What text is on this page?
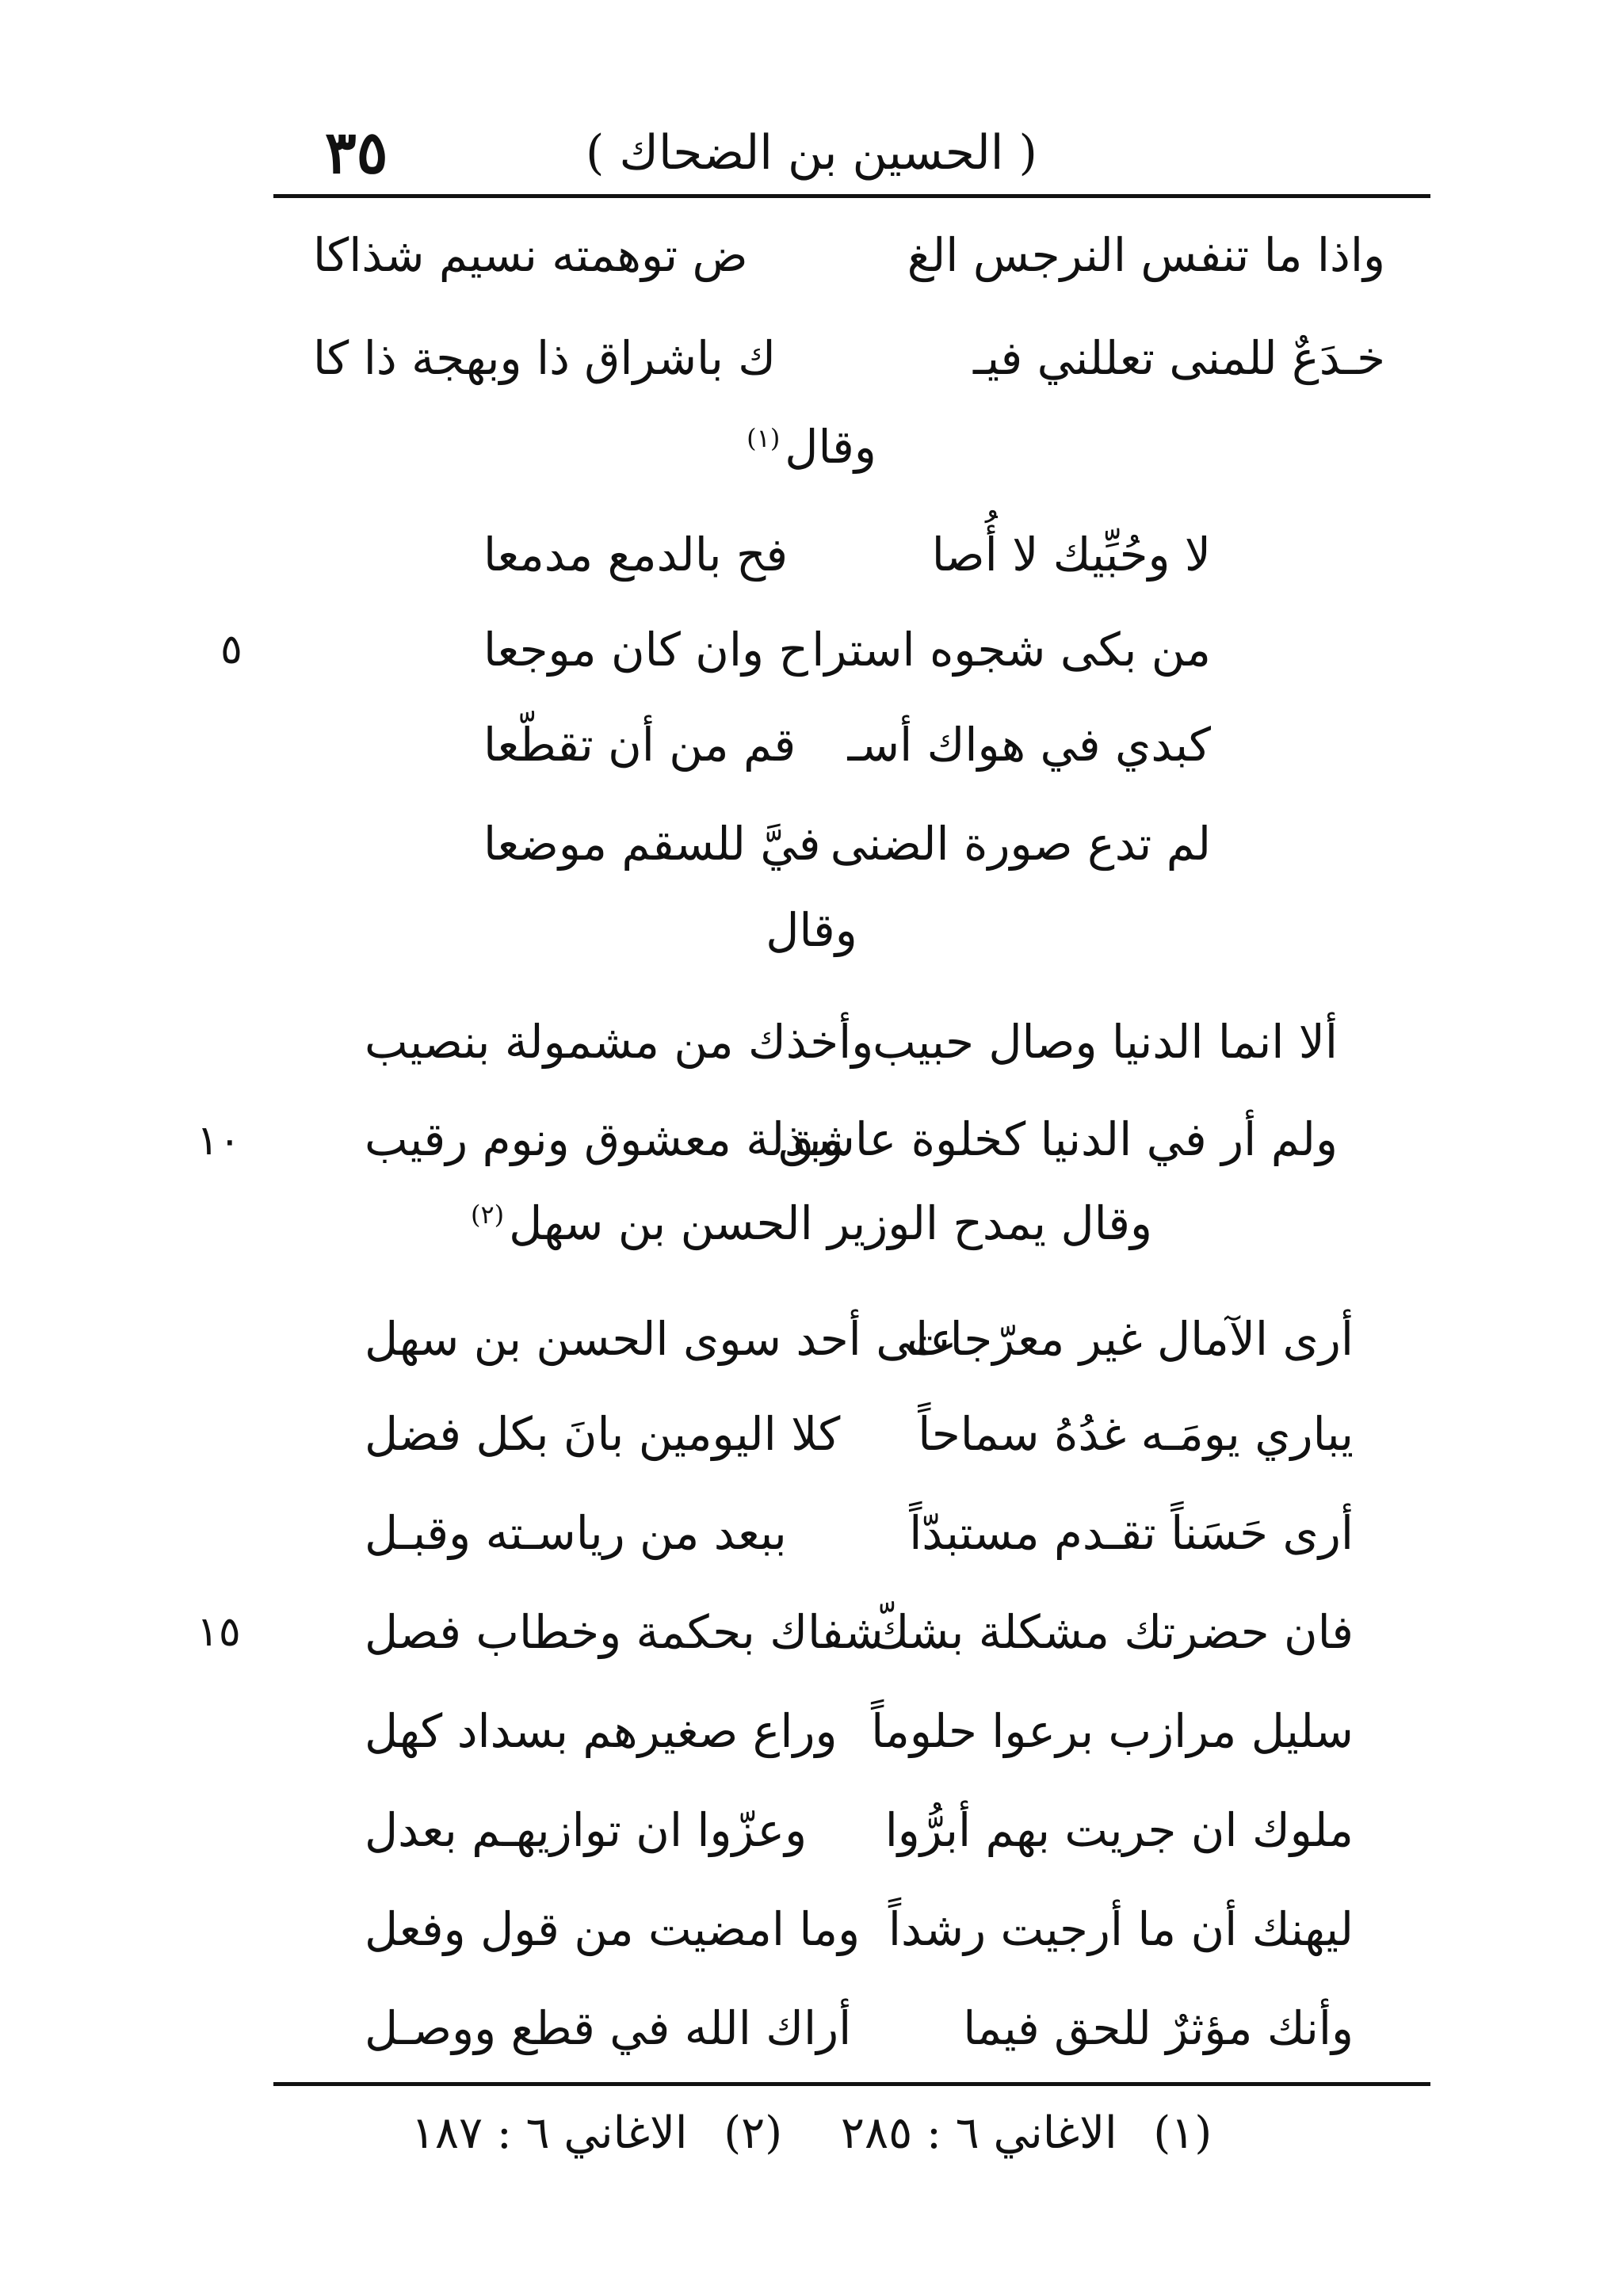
٣٥	( الحسين بن الضحاك )
واذا ما تنفس النرجس الغ
ض توهمته نسيم شذاكا
خـدَعٌ للمنى تعللني فيـ
ك باشراق ذا وبهجة ذا كا
وقال$^{(١)}$
لا وحُبِّيك لا أُصا
فح بالدمع مدمعا
من بكى شجوه استرا
ح وان كان موجعا
٥
كبدي في هواك أسـ
قم من أن تقطّعا
لم تدع صورة الضنى
فيَّ للسقم موضعا
وقال
ألا انما الدنيا وصال حبيب
وأخذك من مشمولة بنصيب
ولم أر في الدنيا كخلوة عاشق
وبذلة معشوق ونوم رقيب
١٠
وقال يمدح الوزير الحسن بن سهل$^{(٢)}$
أرى الآمال غير معرّجات
على أحد سوى الحسن بن سهل
يباري يومَـه غدُهُ سماحاً
كلا اليومين بانَ بكل فضل
أرى حَسَناً تقـدم مستبدّاً
ببعد من رياسـته وقبـل
فان حضرتك مشكلة بشكّ
شفاك بحكمة وخطاب فصل
١٥
سليل مرازب برعوا حلوماً
وراع صغيرهم بسداد كهل
ملوك ان جريت بهم أبرُّوا
وعزّوا ان توازيهـم بعدل
ليهنك أن ما أرجيت رشداً
وما امضيت من قول وفعل
وأنك مؤثرٌ للحق فيما
أراك الله في قطع ووصـل
(١) الاغاني ٦ : ٢٨٥ (٢) الاغاني ٦ : ١٨٧
